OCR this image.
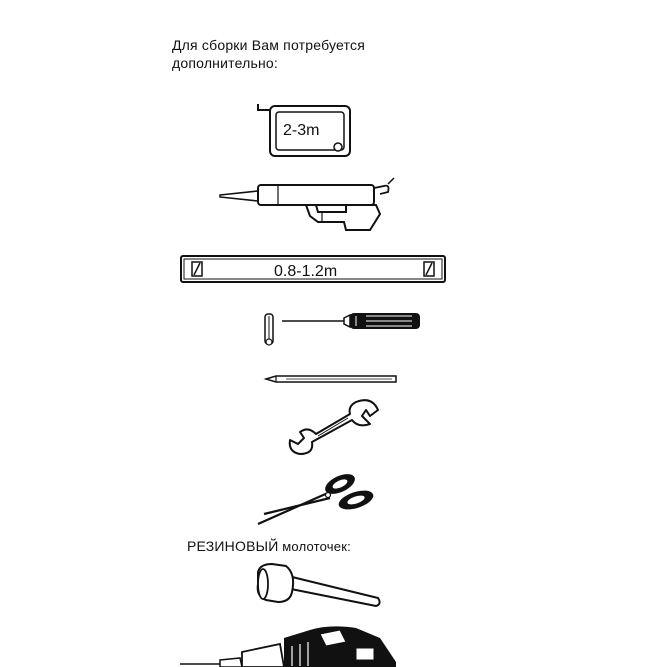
Для сборки Вам потребуется
дополнительно:
2-3m
0.8-1.2m
РЕЗИНОВЫЙ молоточек:
